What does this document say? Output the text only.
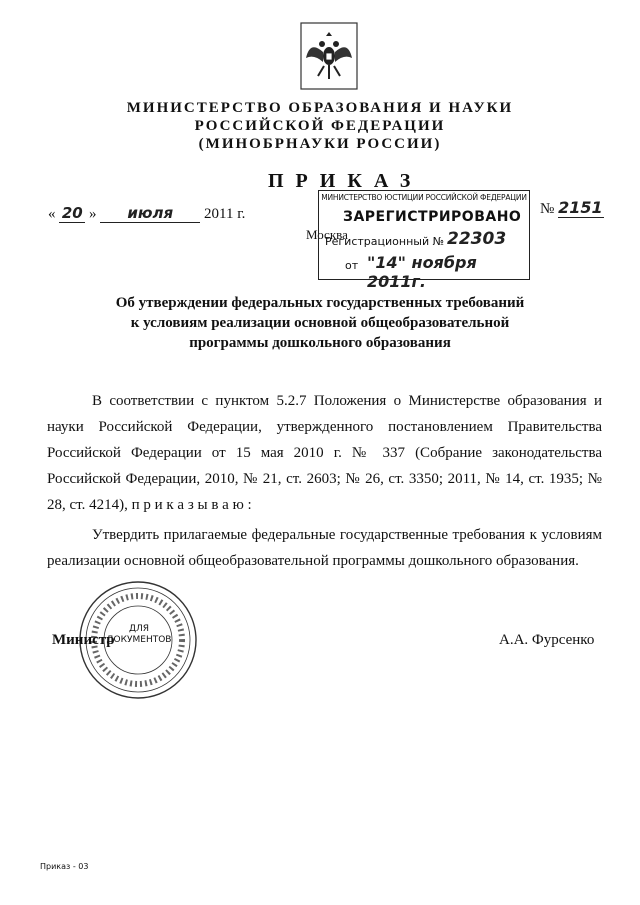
МИНИСТЕРСТВО ОБРАЗОВАНИЯ И НАУКИ
РОССИЙСКОЙ ФЕДЕРАЦИИ
(МИНОБРНАУКИ РОССИИ)
ПРИКАЗ
« 20 » июля 2011 г.
Москва
№ 2151
МИНИСТЕРСТВО ЮСТИЦИИ РОССИЙСКОЙ ФЕДЕРАЦИИ
ЗАРЕГИСТРИРОВАНО
Регистрационный № 22303
от "14" ноября 2011г.
Об утверждении федеральных государственных требований
к условиям реализации основной общеобразовательной
программы дошкольного образования

В соответствии с пунктом 5.2.7 Положения о Министерстве образования и науки Российской Федерации, утвержденного постановлением Правительства Российской Федерации от 15 мая 2010 г. № 337 (Собрание законодательства Российской Федерации, 2010, № 21, ст. 2603; № 26, ст. 3350; 2011, № 14, ст. 1935; № 28, ст. 4214), п р и к а з ы в а ю :

Утвердить прилагаемые федеральные государственные требования к условиям реализации основной общеобразовательной программы дошкольного образования.

ДЛЯ
ДОКУМЕНТОВ
Министр	А.А. Фурсенко
Приказ - 03
